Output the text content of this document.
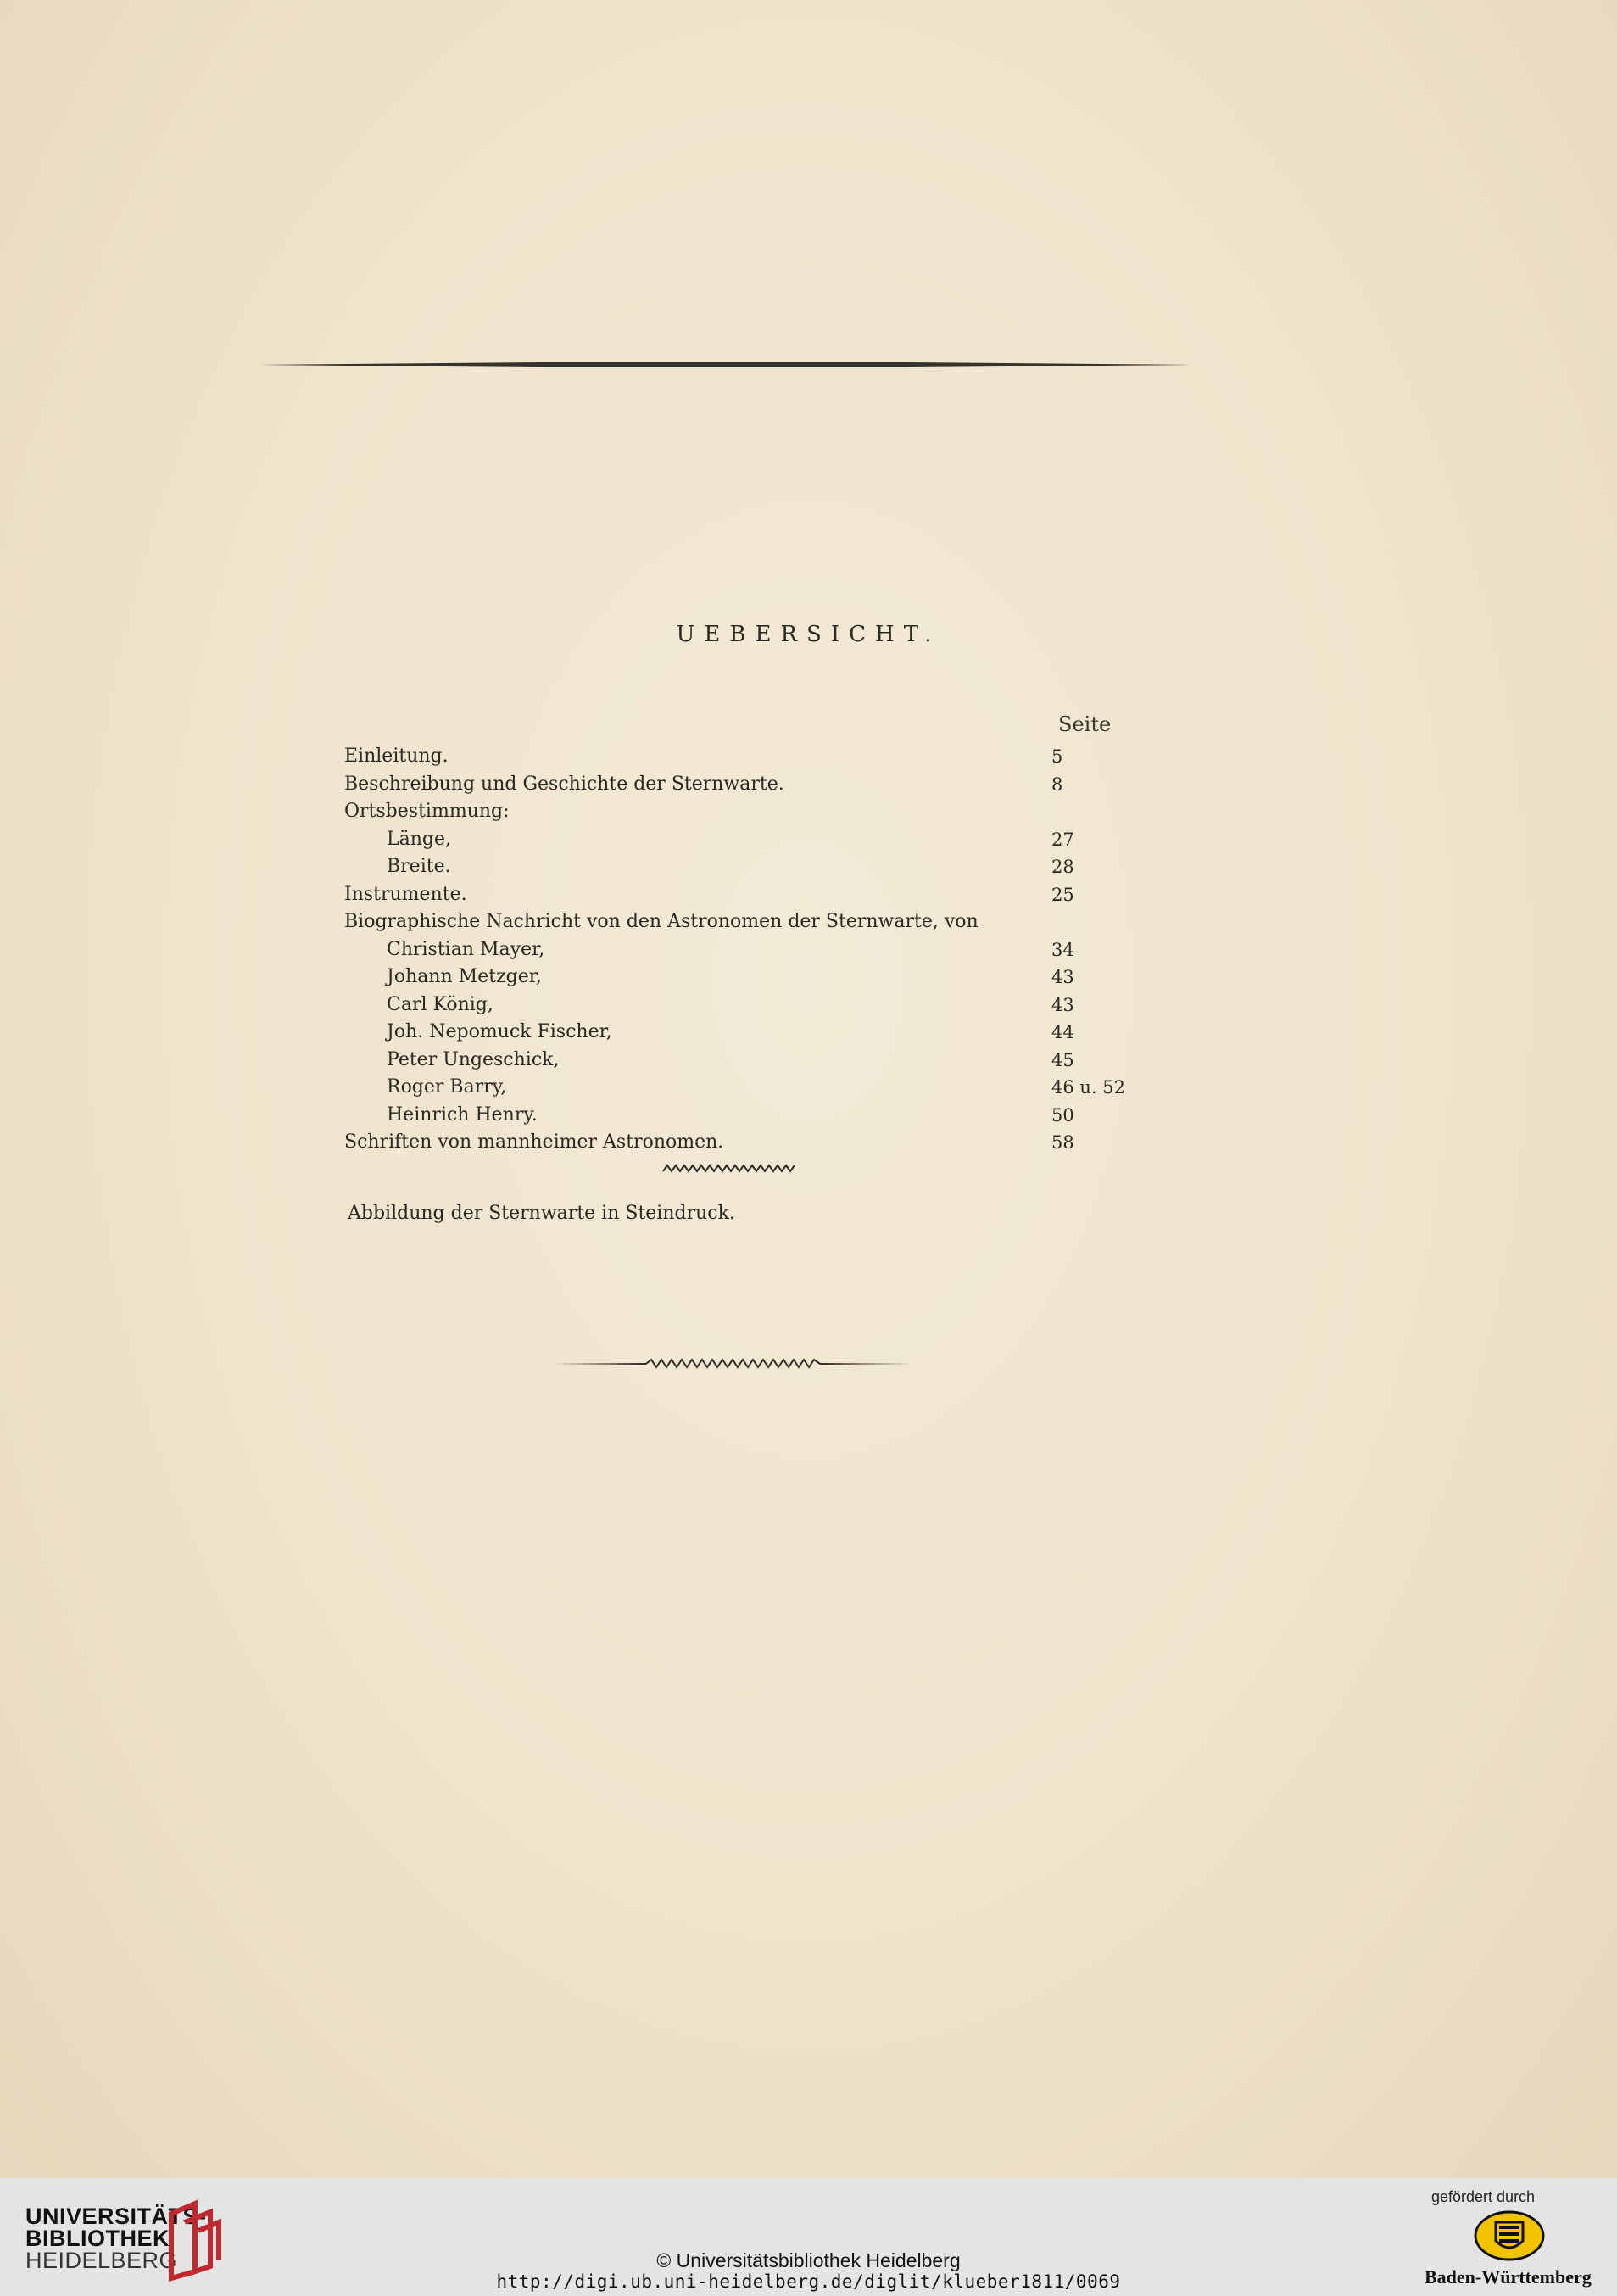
UEBERSICHT.
Seite
Einleitung.	5
Beschreibung und Geschichte der Sternwarte.	8
Ortsbestimmung:
Länge,	27
Breite.	28
Instrumente.	25
Biographische Nachricht von den Astronomen der Sternwarte, von
Christian Mayer,	34
Johann Metzger,	43
Carl König,	43
Joh. Nepomuck Fischer,	44
Peter Ungeschick,	45
Roger Barry,	46 u. 52
Heinrich Henry.	50
Schriften von mannheimer Astronomen.	58
Abbildung der Sternwarte in Steindruck.
UNIVERSITÄTS-
BIBLIOTHEK
HEIDELBERG	© Universitätsbibliothek Heidelberg
http://digi.ub.uni-heidelberg.de/diglit/klueber1811/0069
gefördert durch
Baden-Württemberg
